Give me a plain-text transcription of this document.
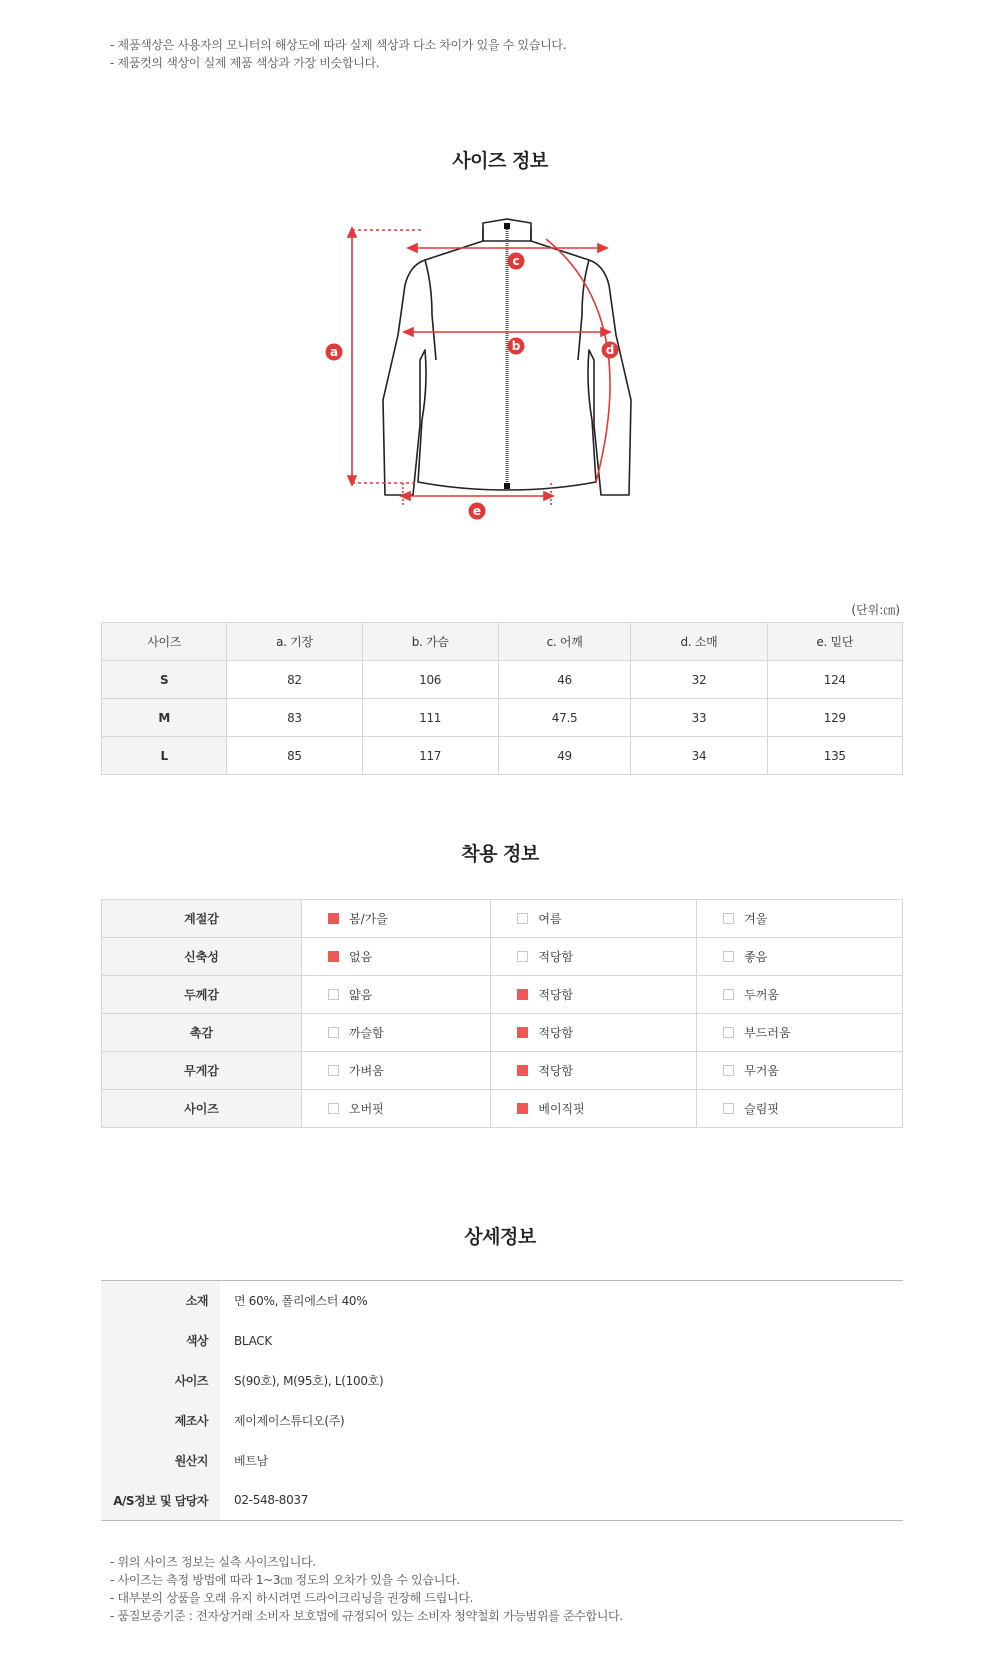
- 제품색상은 사용자의 모니터의 해상도에 따라 실제 색상과 다소 차이가 있을 수 있습니다.
- 제품컷의 색상이 실제 제품 색상과 가장 비슷합니다.
사이즈 정보
a
c
b	d
e
(단위:㎝)
사이즈	a. 기장	b. 가슴	c. 어깨	d. 소매	e. 밑단
S	82	106	46	32	124
M	83	111	47.5	33	129
L	85	117	49	34	135
착용 정보
계절감	봄/가을	여름	겨울
신축성	없음	적당함	좋음
두께감	얇음	적당함	두꺼움
촉감	까슬함	적당함	부드러움
무게감	가벼움	적당함	무거움
사이즈	오버핏	베이직핏	슬림핏
상세정보
소재	면 60%, 폴리에스터 40%
색상	BLACK
사이즈	S(90호), M(95호), L(100호)
제조사	제이제이스튜디오(주)
원산지	베트남
A/S정보 및 담당자	02-548-8037
- 위의 사이즈 정보는 실측 사이즈입니다.
- 사이즈는 측정 방법에 따라 1~3㎝ 정도의 오차가 있을 수 있습니다.
- 대부분의 상품을 오래 유지 하시려면 드라이크리닝을 권장해 드립니다.
- 품질보증기준 : 전자상거래 소비자 보호법에 규정되어 있는 소비자 청약철회 가능범위를 준수합니다.
